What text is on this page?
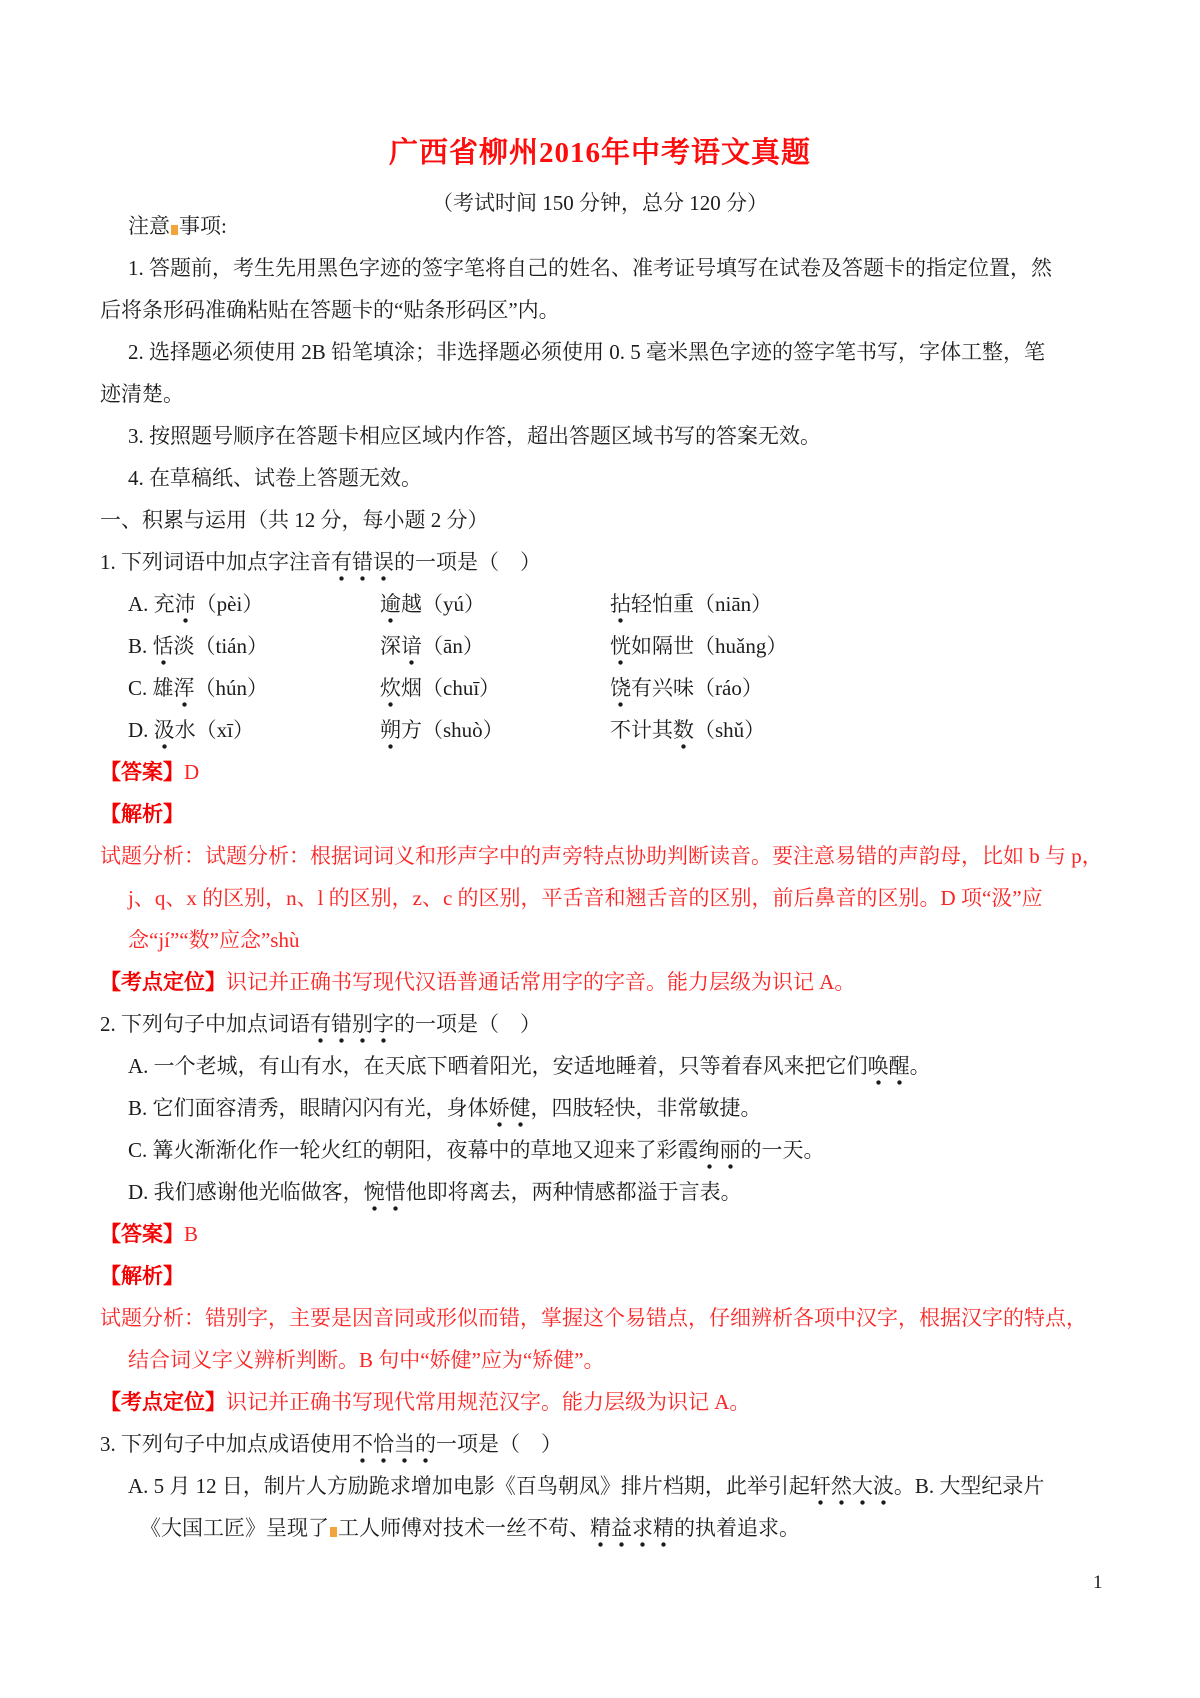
广西省柳州2016年中考语文真题
（考试时间 150 分钟，总分 120 分）
注意 事项:
1. 答题前，考生先用黑色字迹的签字笔将自己的姓名、准考证号填写在试卷及答题卡的指定位置，然
后将条形码准确粘贴在答题卡的“贴条形码区”内。
2. 选择题必须使用 2B 铅笔填涂；非选择题必须使用 0. 5 毫米黑色字迹的签字笔书写，字体工整，笔
迹清楚。
3. 按照题号顺序在答题卡相应区域内作答，超出答题区域书写的答案无效。
4. 在草稿纸、试卷上答题无效。
一、积累与运用（共 12 分，每小题 2 分）
1. 下列词语中加点字注音有错误的一项是（　）
A. 充沛（pèi）	逾越（yú）	拈轻怕重（niān）
B. 恬淡（tián）	深谙（ān）	恍如隔世（huǎng）
C. 雄浑（hún）	炊烟（chuī）	饶有兴味（ráo）
D. 汲水（xī）	朔方（shuò）	不计其数（shǔ）
【答案】D
【解析】
试题分析：试题分析：根据词词义和形声字中的声旁特点协助判断读音。要注意易错的声韵母，比如 b 与 p，
j、q、x 的区别，n、l 的区别，z、c 的区别，平舌音和翘舌音的区别，前后鼻音的区别。D 项“汲”应
念“jí”“数”应念”shù
【考点定位】识记并正确书写现代汉语普通话常用字的字音。能力层级为识记 A。
2. 下列句子中加点词语有错别字的一项是（　）
A. 一个老城，有山有水，在天底下晒着阳光，安适地睡着，只等着春风来把它们唤醒。
B. 它们面容清秀，眼睛闪闪有光，身体娇健，四肢轻快，非常敏捷。
C. 篝火渐渐化作一轮火红的朝阳，夜幕中的草地又迎来了彩霞绚丽的一天。
D. 我们感谢他光临做客，惋惜他即将离去，两种情感都溢于言表。
【答案】B
【解析】
试题分析：错别字，主要是因音同或形似而错，掌握这个易错点，仔细辨析各项中汉字，根据汉字的特点，
结合词义字义辨析判断。B 句中“娇健”应为“矫健”。
【考点定位】识记并正确书写现代常用规范汉字。能力层级为识记 A。
3. 下列句子中加点成语使用不恰当的一项是（　）
A. 5 月 12 日，制片人方励跪求增加电影《百鸟朝凤》排片档期，此举引起轩然大波。B. 大型纪录片
《大国工匠》呈现了 工人师傅对技术一丝不苟、精益求精的执着追求。
1
